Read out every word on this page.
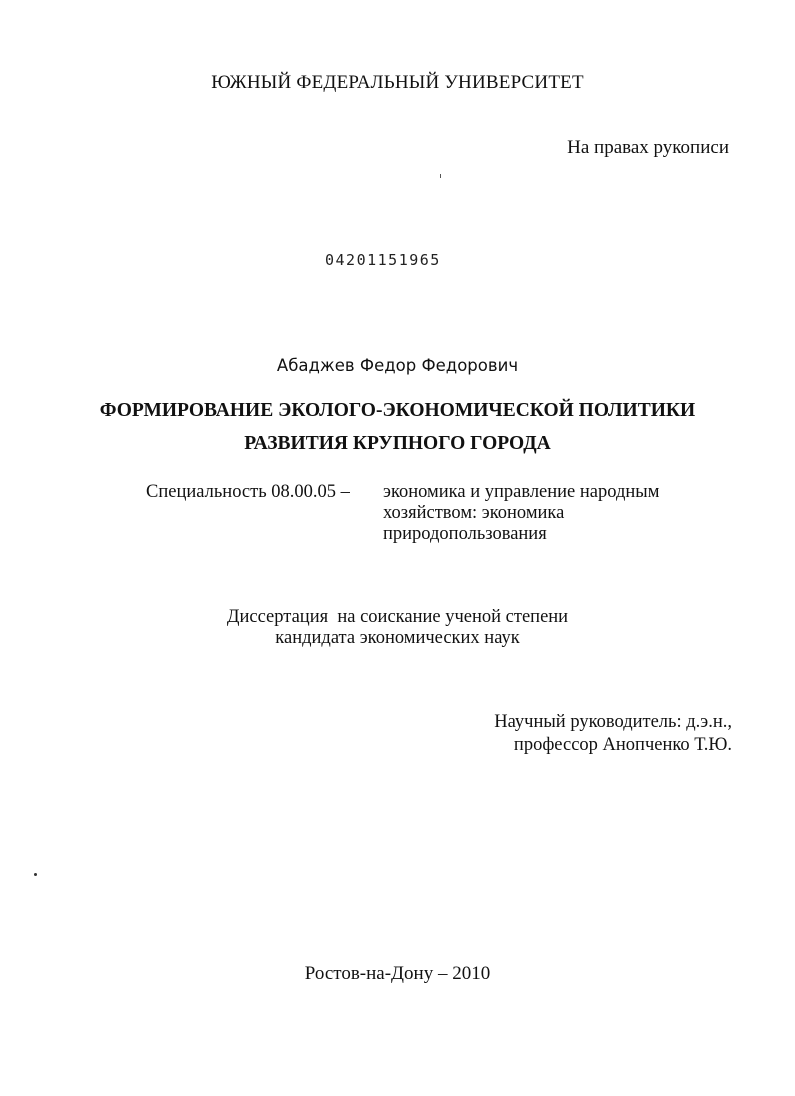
ЮЖНЫЙ ФЕДЕРАЛЬНЫЙ УНИВЕРСИТЕТ
На правах рукописи
04201151965
Абаджев Федор Федорович
ФОРМИРОВАНИЕ ЭКОЛОГО-ЭКОНОМИЧЕСКОЙ ПОЛИТИКИ
РАЗВИТИЯ КРУПНОГО ГОРОДА
Специальность 08.00.05 – экономика и управление народным
хозяйством: экономика
природопользования
Диссертация  на соискание ученой степени
кандидата экономических наук
Научный руководитель: д.э.н.,
профессор Анопченко Т.Ю.
Ростов-на-Дону – 2010
